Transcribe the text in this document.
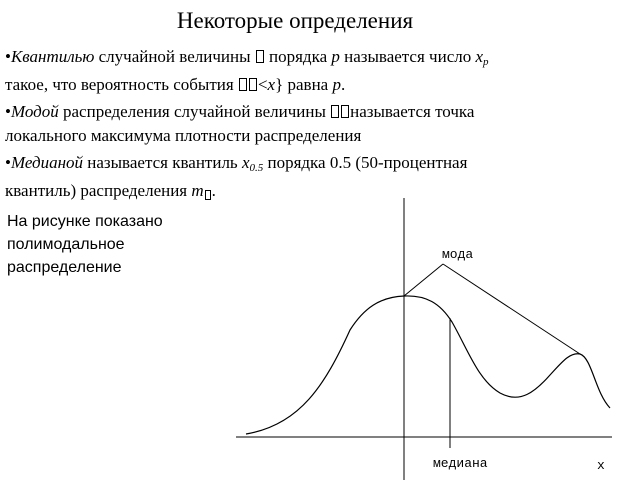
Некоторые определения
•Квантилью случайной величины  порядка p называется число $x_p$
такое, что вероятность события <x} равна p.
•Модой распределения случайной величины называется точка
локального максимума плотности распределения
•Медианой называется квантиль $x_{0.5}$ порядка 0.5 (50-процентная
квантиль) распределения m .
На рисунке показано
полимодальное
распределение
мода
медиана	x
